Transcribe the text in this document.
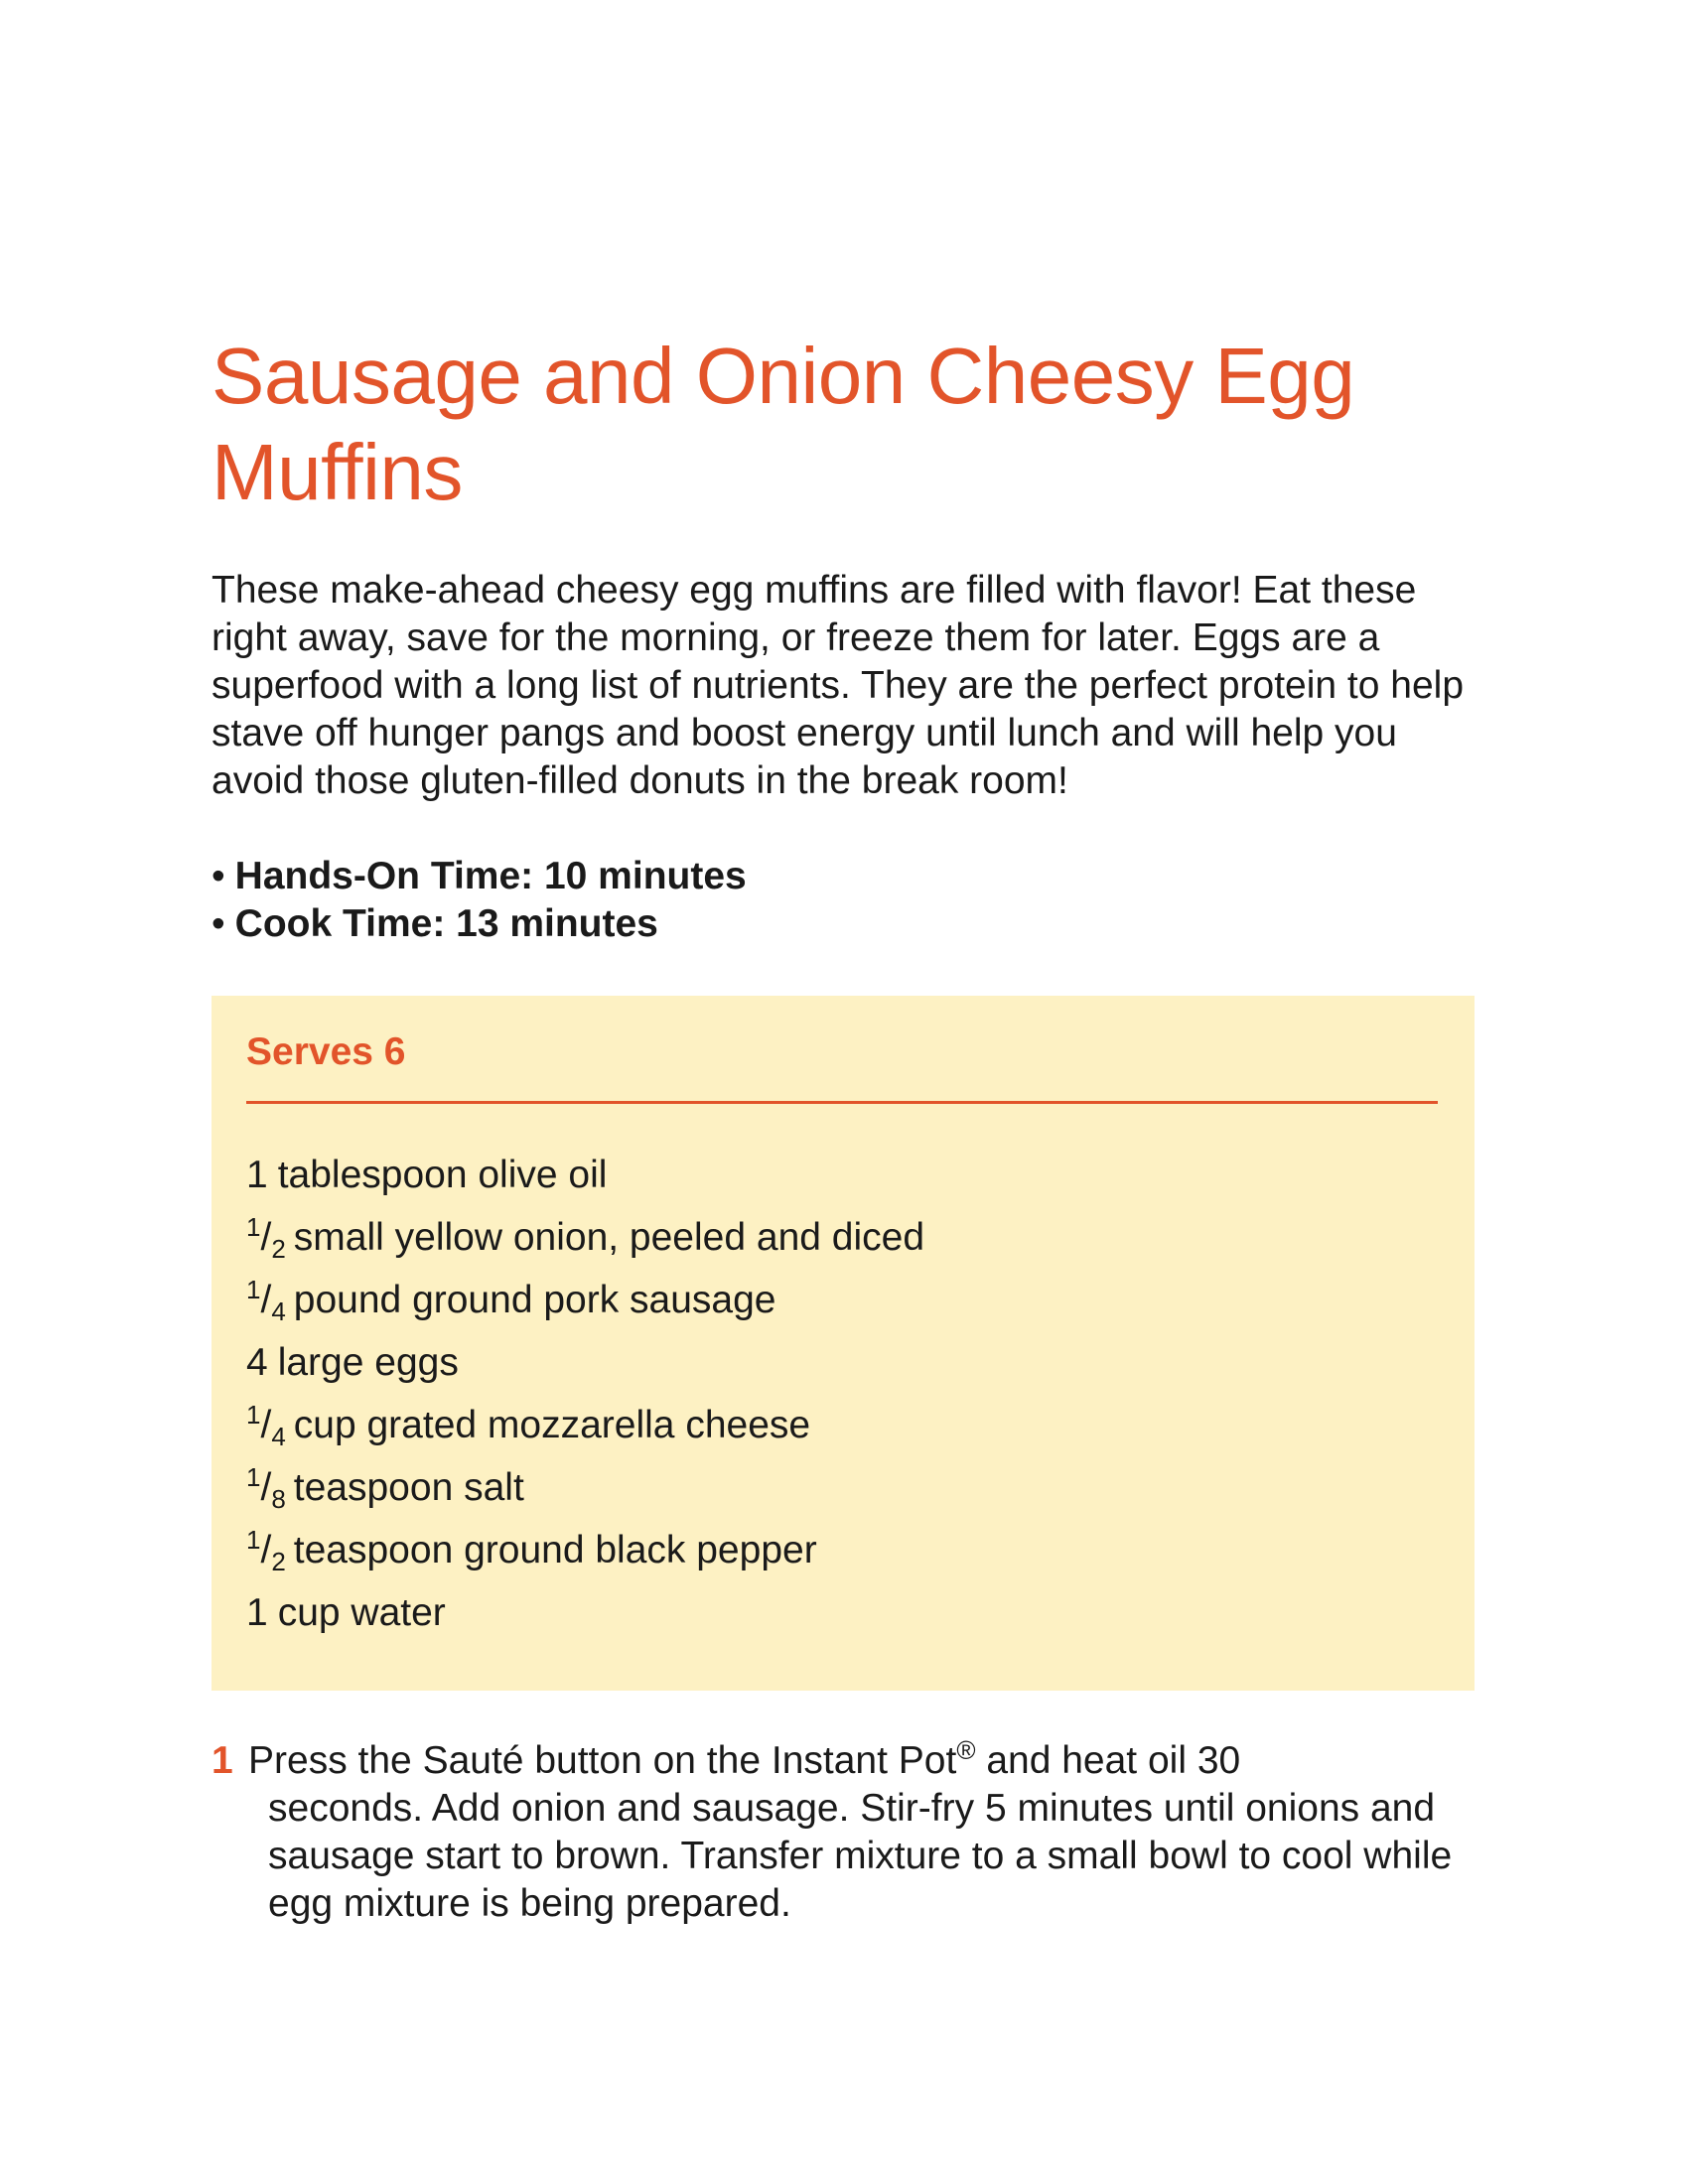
Sausage and Onion Cheesy Egg Muffins

These make-ahead cheesy egg muffins are filled with flavor! Eat these right away, save for the morning, or freeze them for later. Eggs are a superfood with a long list of nutrients. They are the perfect protein to help stave off hunger pangs and boost energy until lunch and will help you avoid those gluten-filled donuts in the break room!

• Hands-On Time: 10 minutes
• Cook Time: 13 minutes
Serves 6
1 tablespoon olive oil
$^1/_2$ small yellow onion, peeled and diced
$^1/_4$ pound ground pork sausage
4 large eggs
$^1/_4$ cup grated mozzarella cheese
$^1/_8$ teaspoon salt
$^1/_2$ teaspoon ground black pepper
1 cup water
1 Press the Sauté button on the Instant Pot® and heat oil 30
seconds. Add onion and sausage. Stir-fry 5 minutes until onions and sausage start to brown. Transfer mixture to a small bowl to cool while egg mixture is being prepared.
